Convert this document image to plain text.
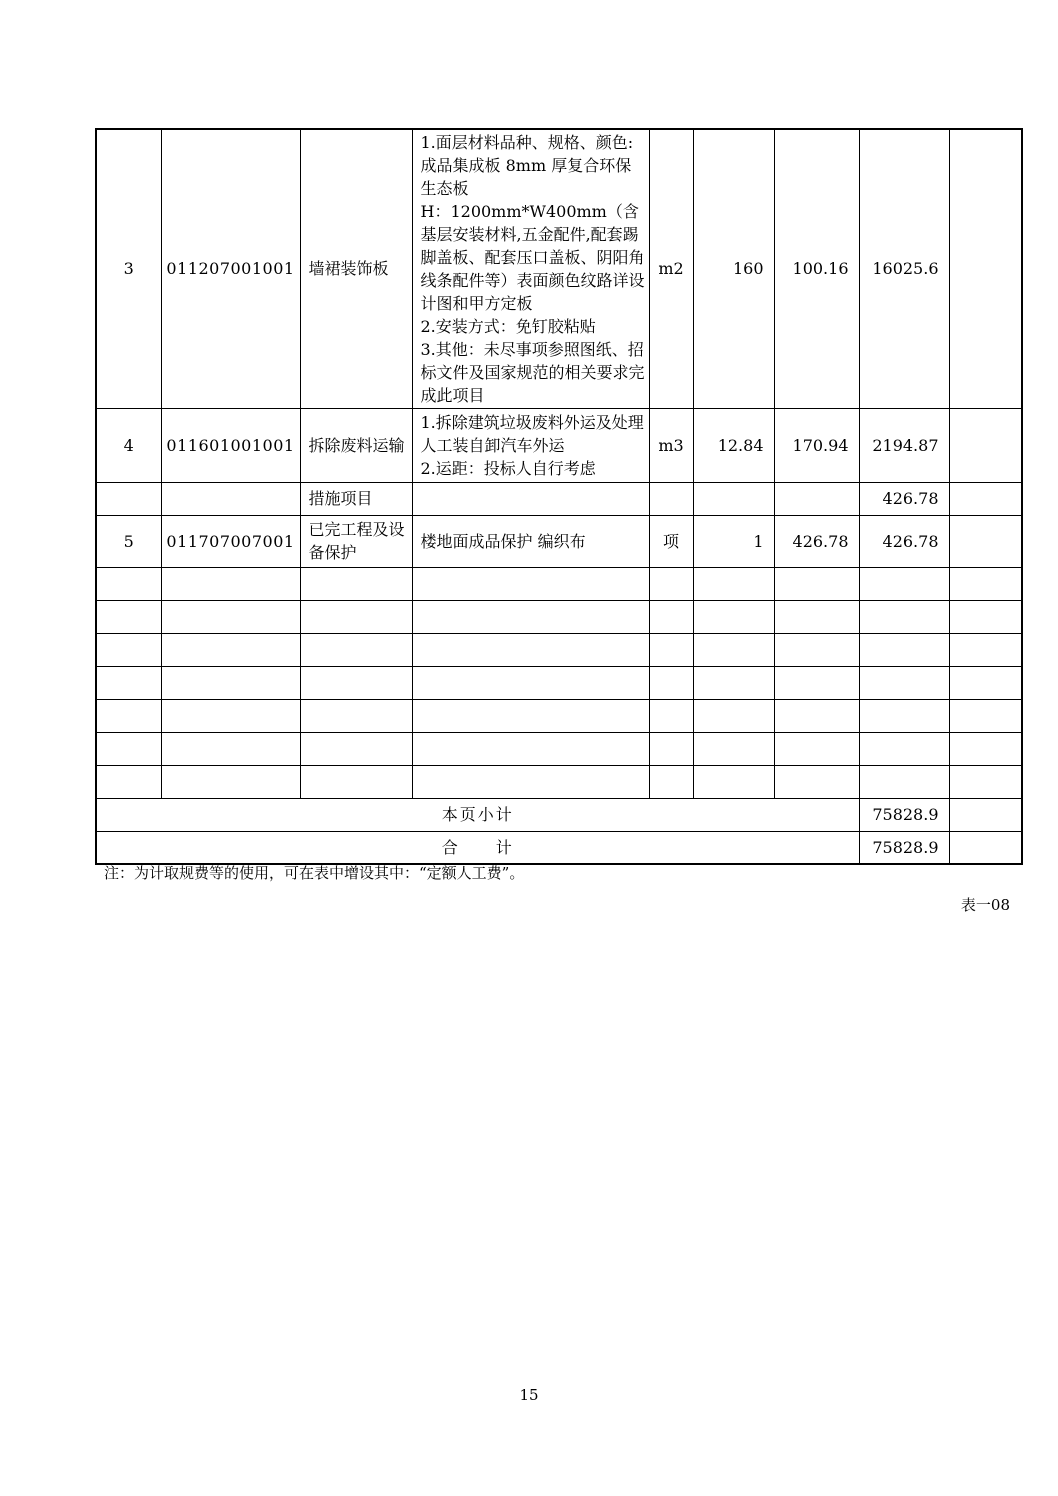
3	011207001001	墙裙装饰板	1.面层材料品种、规格、颜色:成品集成板 8mm 厚复合环保生态板
H：1200mm*W400mm（含基层安装材料,五金配件,配套踢脚盖板、配套压口盖板、阴阳角线条配件等）表面颜色纹路详设计图和甲方定板
2.安装方式：免钉胶粘贴
3.其他：未尽事项参照图纸、招标文件及国家规范的相关要求完成此项目	m2	160	100.16	16025.6	
4	011601001001	拆除废料运输	1.拆除建筑垃圾废料外运及处理 人工装自卸汽车外运
2.运距：投标人自行考虑	m3	12.84	170.94	2194.87	
		措施项目					426.78	
5	011707007001	已完工程及设备保护	楼地面成品保护 编织布	项	1	426.78	426.78	

本页小计							75828.9	
合　　计							75828.9	
注：为计取规费等的使用，可在表中增设其中：“定额人工费”。
表一08
15
